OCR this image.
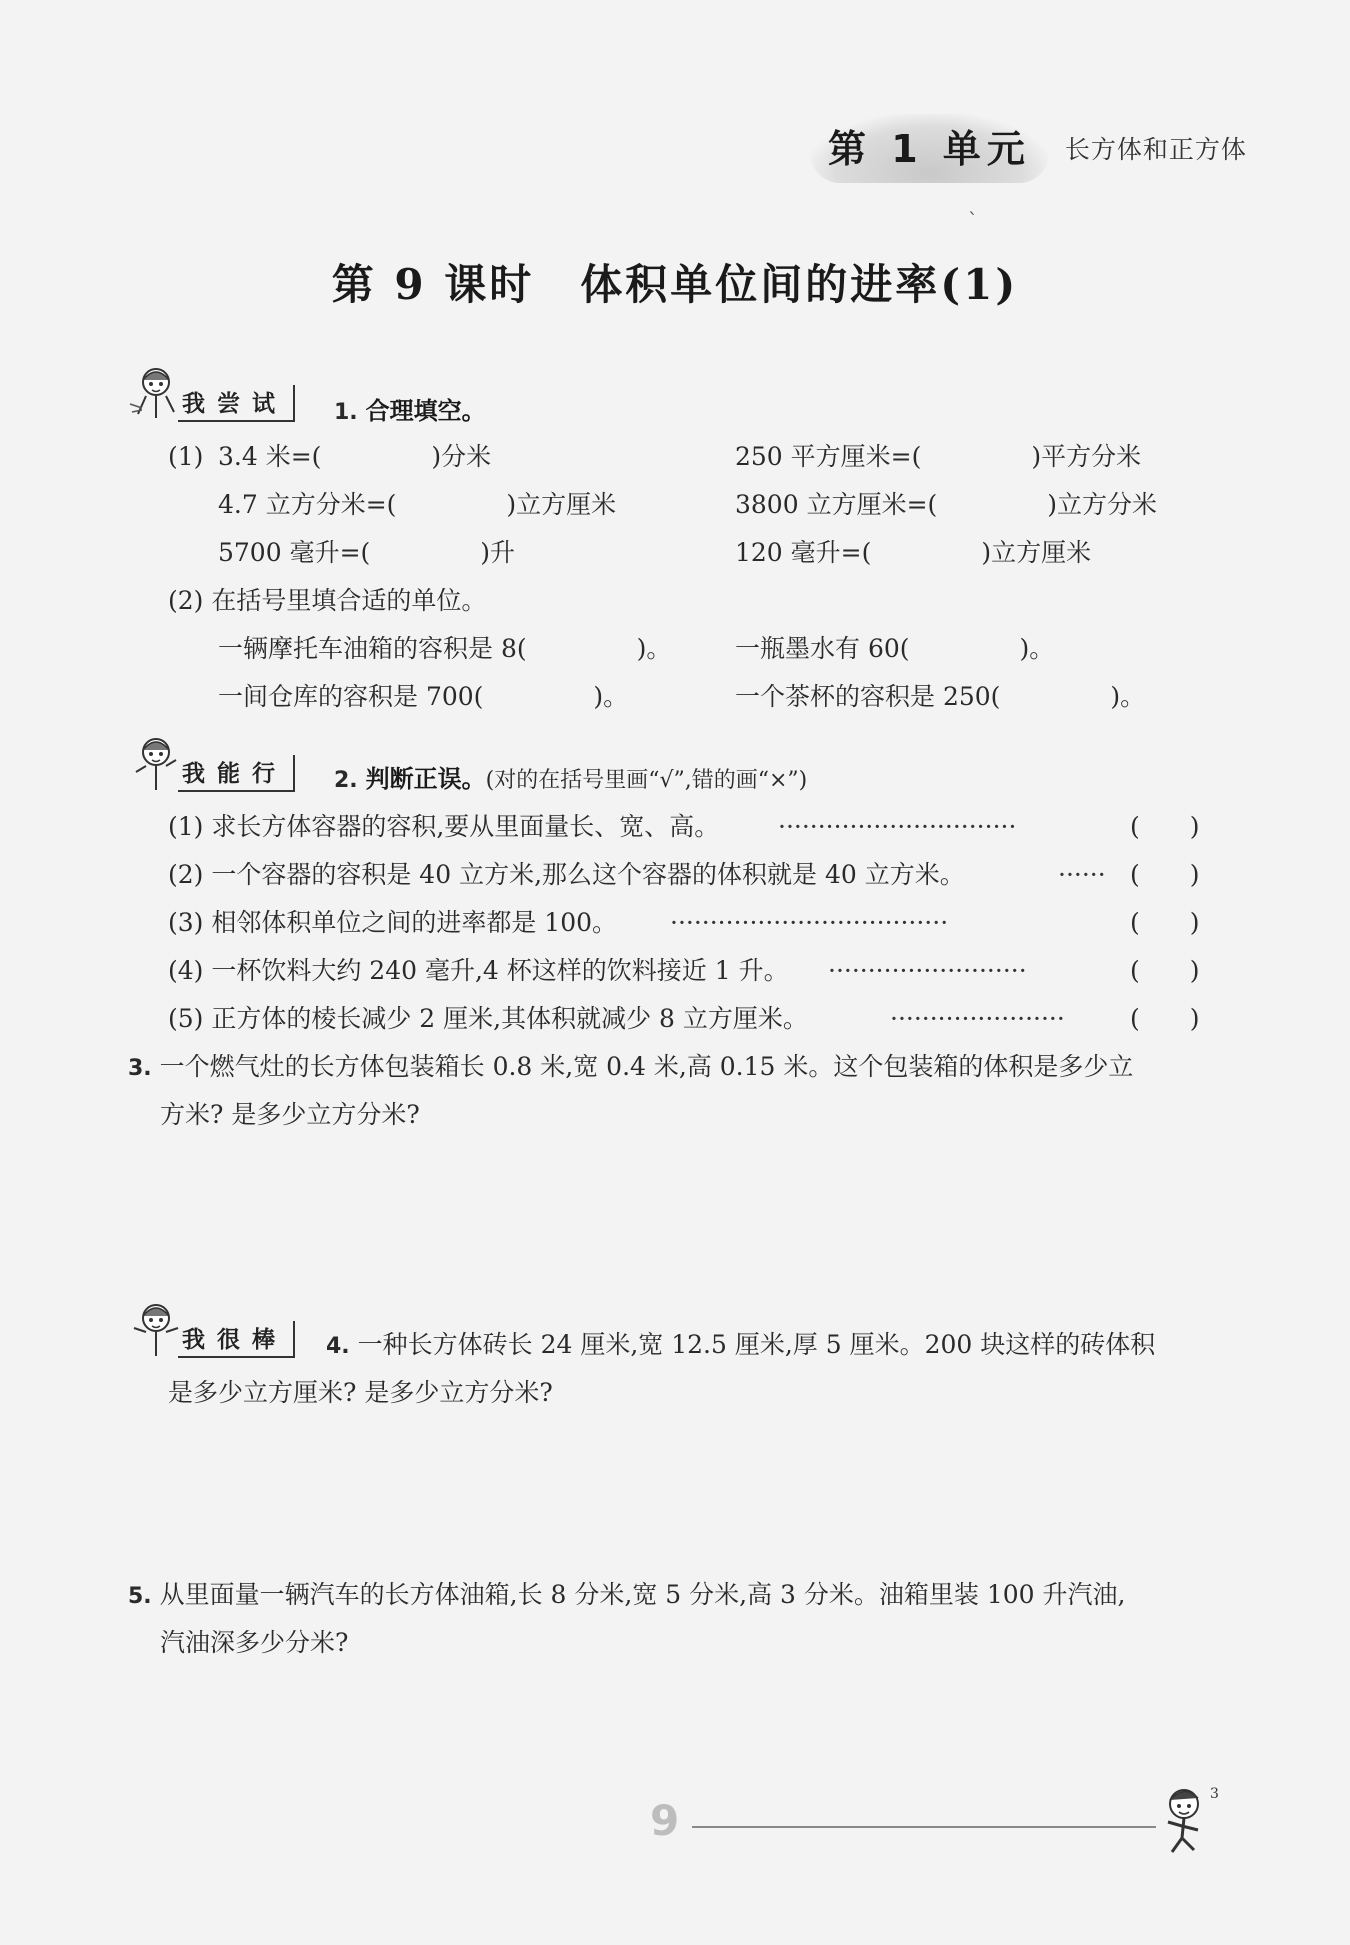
第 1 单元	长方体和正方体
`
第 9 课时 体积单位间的进率(1)
我尝试	1. 合理填空。
(1) 3.4 米=(	)分米	250 平方厘米=(	)平方分米
4.7 立方分米=(	)立方厘米	3800 立方厘米=(	)立方分米
5700 毫升=(	)升	120 毫升=(	)立方厘米
(2) 在括号里填合适的单位。
一辆摩托车油箱的容积是 8(	)。	一瓶墨水有 60(	)。
一间仓库的容积是 700(	)。	一个茶杯的容积是 250(	)。
我能行	2. 判断正误。(对的在括号里画“√”,错的画“×”)
(1) 求长方体容器的容积,要从里面量长、宽、高。 ······························	( )
(2) 一个容器的容积是 40 立方米,那么这个容器的体积就是 40 立方米。	······ ( )
(3) 相邻体积单位之间的进率都是 100。 ···································	( )
(4) 一杯饮料大约 240 毫升,4 杯这样的饮料接近 1 升。 ·························	( )
(5) 正方体的棱长减少 2 厘米,其体积就减少 8 立方厘米。	······················	( )
3. 一个燃气灶的长方体包装箱长 0.8 米,宽 0.4 米,高 0.15 米。这个包装箱的体积是多少立
方米? 是多少立方分米?
我很棒	4. 一种长方体砖长 24 厘米,宽 12.5 厘米,厚 5 厘米。200 块这样的砖体积
是多少立方厘米? 是多少立方分米?
5. 从里面量一辆汽车的长方体油箱,长 8 分米,宽 5 分米,高 3 分米。油箱里装 100 升汽油,
汽油深多少分米?
9
3
